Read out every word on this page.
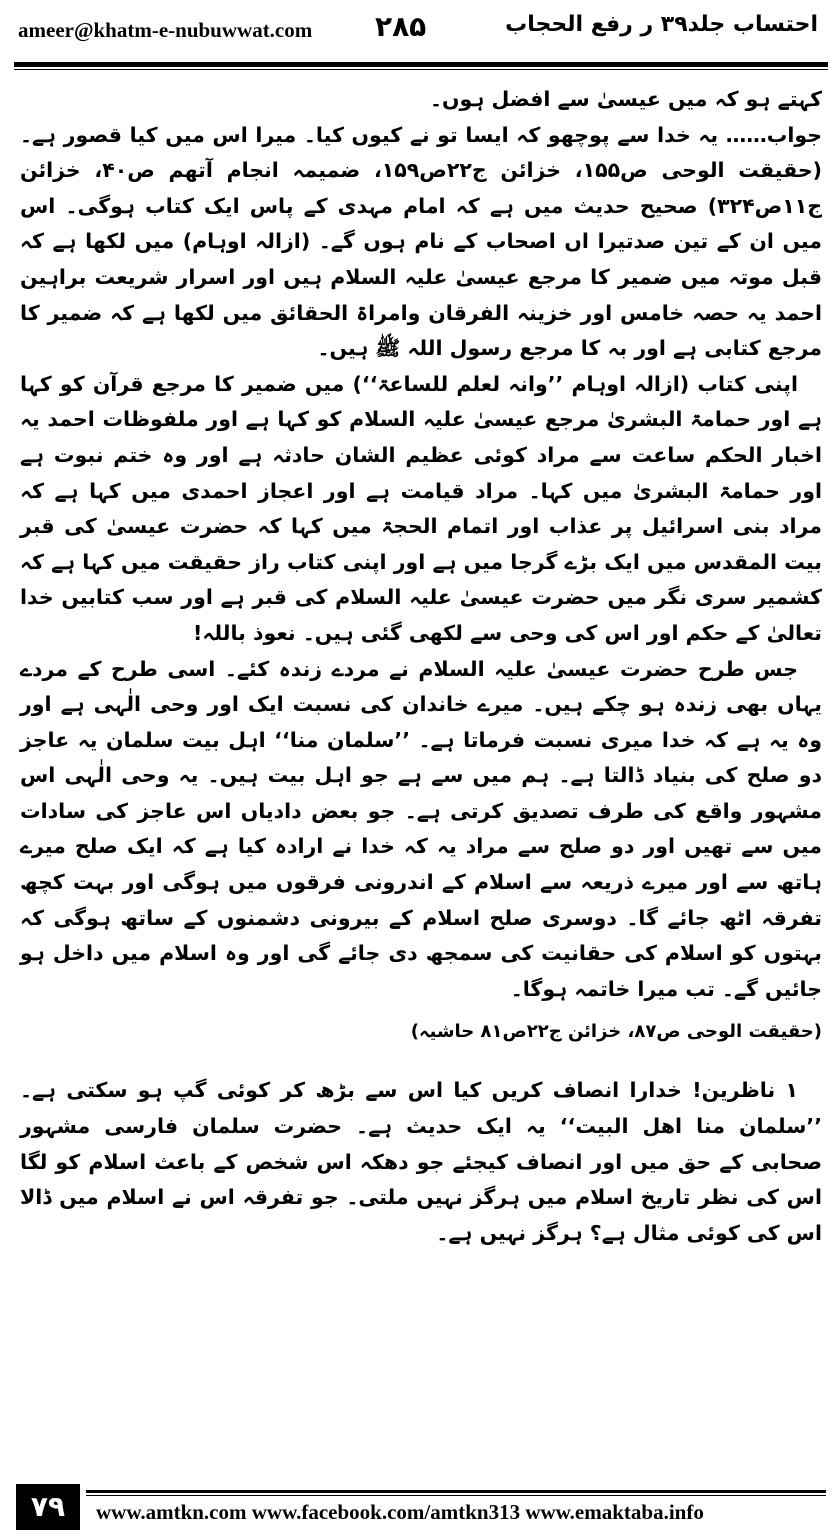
ameer@khatm-e-nubuwwat.com ۲۸۵	احتساب جلد۳۹ ر رفع الحجاب

کہتے ہو کہ میں عیسیٰ سے افضل ہوں۔

جواب…… یہ خدا سے پوچھو کہ ایسا تو نے کیوں کیا۔ میرا اس میں کیا قصور ہے۔ (حقیقت الوحی ص۱۵۵، خزائن ج۲۲ص۱۵۹، ضمیمہ انجام آتھم ص۴۰، خزائن ج۱۱ص۳۲۴) صحیح حدیث میں ہے کہ امام مہدی کے پاس ایک کتاب ہوگی۔ اس میں ان کے تین صدتیرا اں اصحاب کے نام ہوں گے۔ (ازالہ اوہام) میں لکھا ہے کہ قبل موتہ میں ضمیر کا مرجع عیسیٰ علیہ السلام ہیں اور اسرار شریعت براہین احمد یہ حصہ خامس اور خزینہ الفرقان وامراۃ الحقائق میں لکھا ہے کہ ضمیر کا مرجع کتابی ہے اور بہ کا مرجع رسول اللہ ﷺ ہیں۔

اپنی کتاب (ازالہ اوہام ’’وانہ لعلم للساعۃ‘‘) میں ضمیر کا مرجع قرآن کو کہا ہے اور حمامۃ البشریٰ مرجع عیسیٰ علیہ السلام کو کہا ہے اور ملفوظات احمد یہ اخبار الحکم ساعت سے مراد کوئی عظیم الشان حادثہ ہے اور وہ ختم نبوت ہے اور حمامۃ البشریٰ میں کہا۔ مراد قیامت ہے اور اعجاز احمدی میں کہا ہے کہ مراد بنی اسرائیل پر عذاب اور اتمام الحجۃ میں کہا کہ حضرت عیسیٰ کی قبر بیت المقدس میں ایک بڑے گرجا میں ہے اور اپنی کتاب راز حقیقت میں کہا ہے کہ کشمیر سری نگر میں حضرت عیسیٰ علیہ السلام کی قبر ہے اور سب کتابیں خدا تعالیٰ کے حکم اور اس کی وحی سے لکھی گئی ہیں۔ نعوذ باللہ!

جس طرح حضرت عیسیٰ علیہ السلام نے مردے زندہ کئے۔ اسی طرح کے مردے یہاں بھی زندہ ہو چکے ہیں۔ میرے خاندان کی نسبت ایک اور وحی الٰہی ہے اور وہ یہ ہے کہ خدا میری نسبت فرماتا ہے۔ ’’سلمان منا‘‘ اہل بیت سلمان یہ عاجز دو صلح کی بنیاد ڈالتا ہے۔ ہم میں سے ہے جو اہل بیت ہیں۔ یہ وحی الٰہی اس مشہور واقع کی طرف تصدیق کرتی ہے۔ جو بعض دادیاں اس عاجز کی سادات میں سے تھیں اور دو صلح سے مراد یہ کہ خدا نے ارادہ کیا ہے کہ ایک صلح میرے ہاتھ سے اور میرے ذریعہ سے اسلام کے اندرونی فرقوں میں ہوگی اور بہت کچھ تفرقہ اٹھ جائے گا۔ دوسری صلح اسلام کے بیرونی دشمنوں کے ساتھ ہوگی کہ بہتوں کو اسلام کی حقانیت کی سمجھ دی جائے گی اور وہ اسلام میں داخل ہو جائیں گے۔ تب میرا خاتمہ ہوگا۔

(حقیقت الوحی ص۸۷، خزائن ج۲۲ص۸۱ حاشیہ)

۱ ناظرین! خدارا انصاف کریں کیا اس سے بڑھ کر کوئی گپ ہو سکتی ہے۔ ’’سلمان منا اھل البیت‘‘ یہ ایک حدیث ہے۔ حضرت سلمان فارسی مشہور صحابی کے حق میں اور انصاف کیجئے جو دھکہ اس شخص کے باعث اسلام کو لگا اس کی نظر تاریخ اسلام میں ہرگز نہیں ملتی۔ جو تفرقہ اس نے اسلام میں ڈالا اس کی کوئی مثال ہے؟ ہرگز نہیں ہے۔

۷۹	www.amtkn.com www.facebook.com/amtkn313 www.emaktaba.info
